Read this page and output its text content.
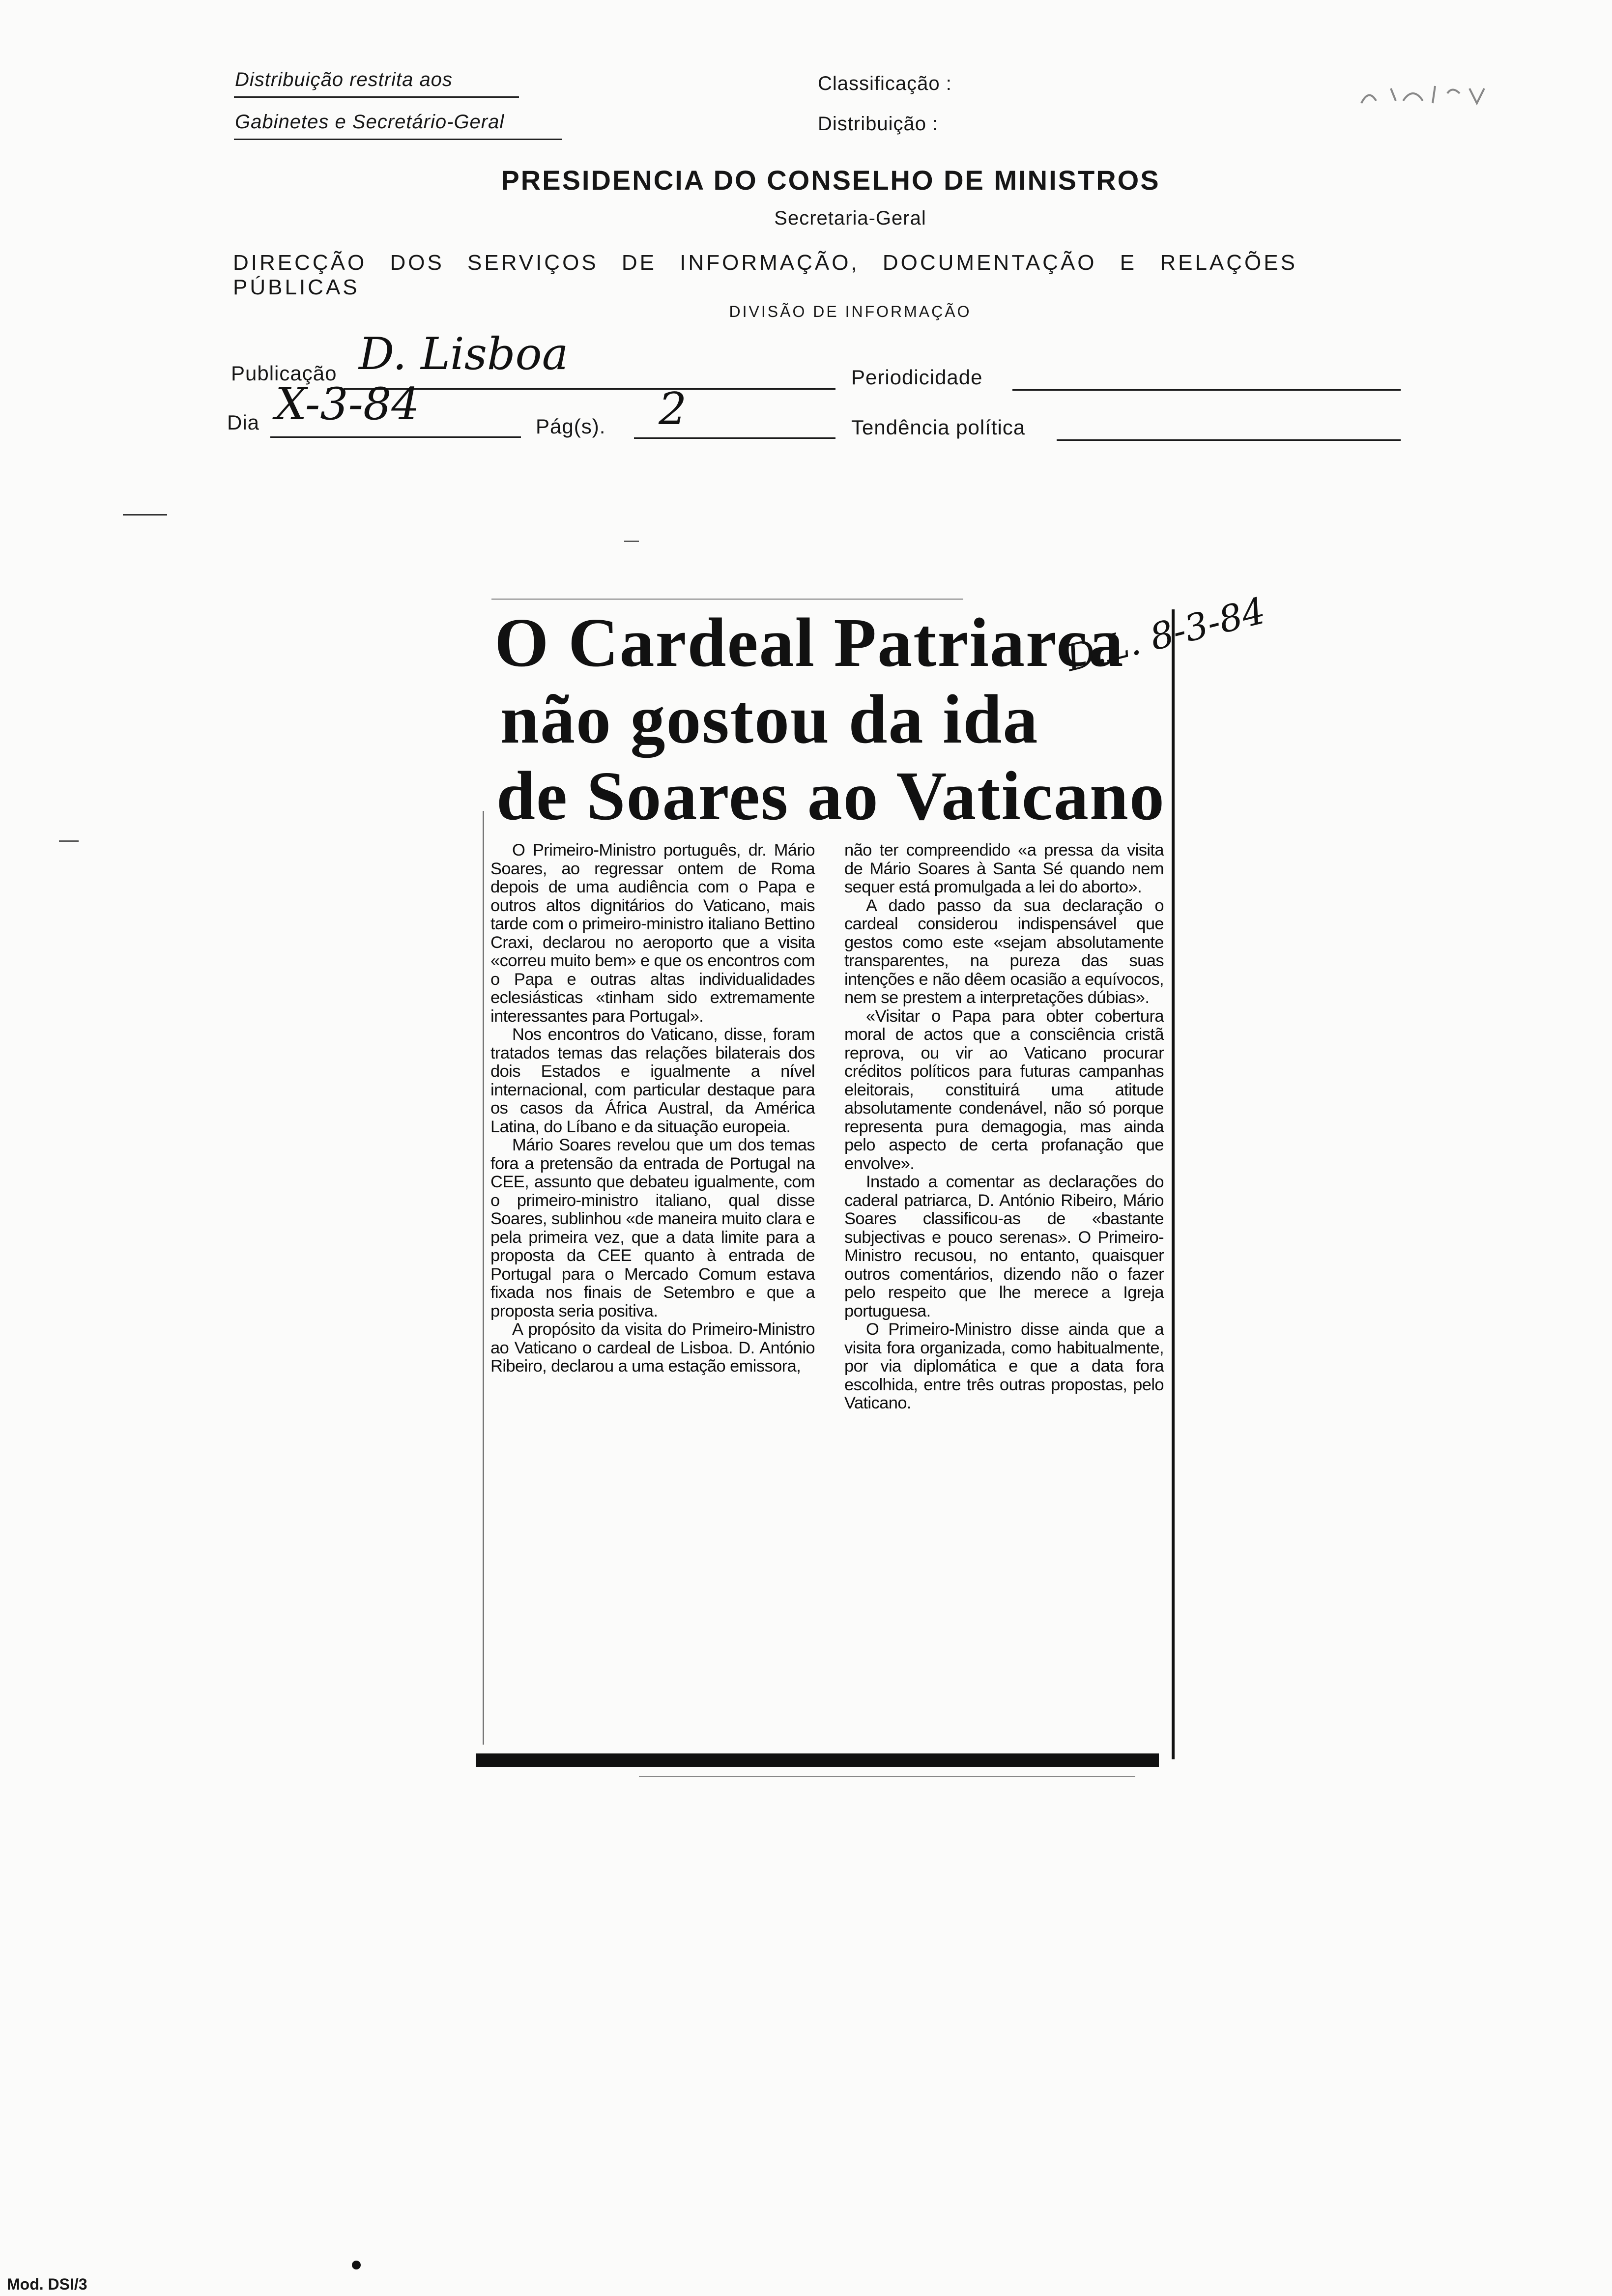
Distribuição restrita aos
Gabinetes e Secretário-Geral
Classificação :
Distribuição :
PRESIDENCIA DO CONSELHO DE MINISTROS
Secretaria-Geral
DIRECÇÃO DOS SERVIÇOS DE INFORMAÇÃO, DOCUMENTAÇÃO E RELAÇÕES PÚBLICAS
DIVISÃO DE INFORMAÇÃO
Publicação D. Lisboa	Periodicidade
Dia X-3-84	Pág(s). 2	Tendência política
O Cardeal Patriarca
não gostou da ida
de Soares ao Vaticano
D.L. 8-3-84

O Primeiro-Ministro português, dr. Mário Soares, ao regressar ontem de Roma depois de uma audiência com o Papa e outros altos dignitários do Vaticano, mais tarde com o primeiro-ministro italiano Bettino Craxi, declarou no aeroporto que a visita «correu muito bem» e que os encontros com o Papa e outras altas individualidades eclesiásticas «tinham sido extremamente interessantes para Portugal».

Nos encontros do Vaticano, disse, foram tratados temas das relações bilaterais dos dois Estados e igualmente a nível internacional, com particular destaque para os casos da África Austral, da América Latina, do Líbano e da situação europeia.

Mário Soares revelou que um dos temas fora a pretensão da entrada de Portugal na CEE, assunto que debateu igualmente, com o primeiro-ministro italiano, qual disse Soares, sublinhou «de maneira muito clara e pela primeira vez, que a data limite para a proposta da CEE quanto à entrada de Portugal para o Mercado Comum estava fixada nos finais de Setembro e que a proposta seria positiva.

A propósito da visita do Primeiro-Ministro ao Vaticano o cardeal de Lisboa. D. António Ribeiro, declarou a uma estação emissora,

não ter compreendido «a pressa da visita de Mário Soares à Santa Sé quando nem sequer está promulgada a lei do aborto».

A dado passo da sua declaração o cardeal considerou indispensável que gestos como este «sejam absolutamente transparentes, na pureza das suas intenções e não dêem ocasião a equívocos, nem se prestem a interpretações dúbias».

«Visitar o Papa para obter cobertura moral de actos que a consciência cristã reprova, ou vir ao Vaticano procurar créditos políticos para futuras campanhas eleitorais, constituirá uma atitude absolutamente condenável, não só porque representa pura demagogia, mas ainda pelo aspecto de certa profanação que envolve».

Instado a comentar as declarações do caderal patriarca, D. António Ribeiro, Mário Soares classificou-as de «bastante subjectivas e pouco serenas». O Primeiro-Ministro recusou, no entanto, quaisquer outros comentários, dizendo não o fazer pelo respeito que lhe merece a Igreja portuguesa.

O Primeiro-Ministro disse ainda que a visita fora organizada, como habitualmente, por via diplomática e que a data fora escolhida, entre três outras propostas, pelo Vaticano.

Mod. DSI/3
